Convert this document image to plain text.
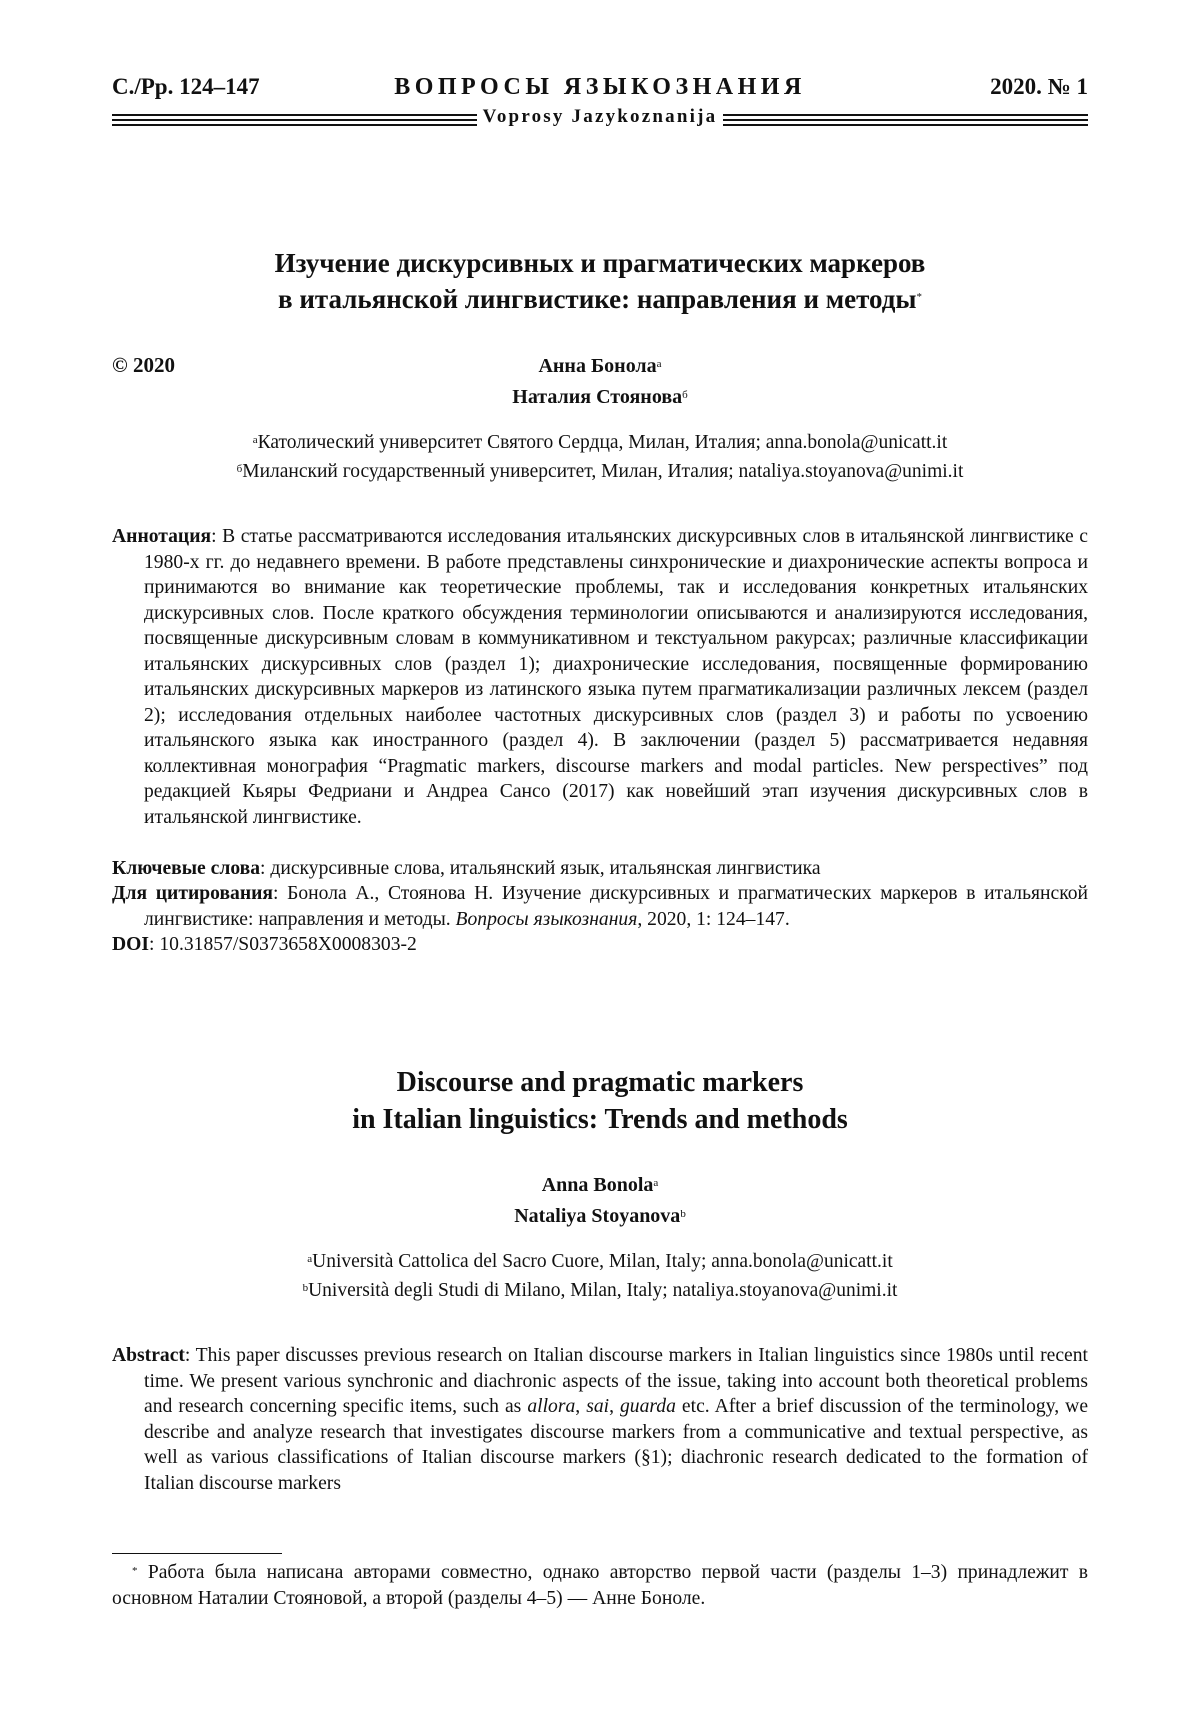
С./Pp. 124–147	ВОПРОСЫ ЯЗЫКОЗНАНИЯ	2020. № 1
Voprosy Jazykoznanija
Изучение дискурсивных и прагматических маркеров
в итальянской лингвистике: направления и методы*
© 2020	Анна Бонола$^а$
Наталия Стоянова$^б$
$^а$Католический университет Святого Сердца, Милан, Италия; anna.bonola@unicatt.it
$^б$Миланский государственный университет, Милан, Италия; nataliya.stoyanova@unimi.it
Аннотация: В статье рассматриваются исследования итальянских дискурсивных слов в итальянской лингвистике с 1980-х гг. до недавнего времени. В работе представлены синхронические и диахронические аспекты вопроса и принимаются во внимание как теоретические проблемы, так и исследования конкретных итальянских дискурсивных слов. После краткого обсуждения терминологии описываются и анализируются исследования, посвященные дискурсивным словам в коммуникативном и текстуальном ракурсах; различные классификации итальянских дискурсивных слов (раздел 1); диахронические исследования, посвященные формированию итальянских дискурсивных маркеров из латинского языка путем прагматикализации различных лексем (раздел 2); исследования отдельных наиболее частотных дискурсивных слов (раздел 3) и работы по усвоению итальянского языка как иностранного (раздел 4). В заключении (раздел 5) рассматривается недавняя коллективная монография “Pragmatic markers, discourse markers and modal particles. New perspectives” под редакцией Кьяры Федриани и Андреа Сансо (2017) как новейший этап изучения дискурсивных слов в итальянской лингвистике.
Ключевые слова: дискурсивные слова, итальянский язык, итальянская лингвистика
Для цитирования: Бонола А., Стоянова Н. Изучение дискурсивных и прагматических маркеров в итальянской лингвистике: направления и методы. Вопросы языкознания, 2020, 1: 124–147.
DOI: 10.31857/S0373658X0008303-2
Discourse and pragmatic markers
in Italian linguistics: Trends and methods
Anna Bonola$^a$
Nataliya Stoyanova$^b$
$^a$Università Cattolica del Sacro Cuore, Milan, Italy; anna.bonola@unicatt.it
$^b$Università degli Studi di Milano, Milan, Italy; nataliya.stoyanova@unimi.it
Abstract: This paper discusses previous research on Italian discourse markers in Italian linguistics since 1980s until recent time. We present various synchronic and diachronic aspects of the issue, taking into account both theoretical problems and research concerning specific items, such as allora, sai, guarda etc. After a brief discussion of the terminology, we describe and analyze research that investigates discourse markers from a communicative and textual perspective, as well as various classifications of Italian discourse markers (§1); diachronic research dedicated to the formation of Italian discourse markers
* Работа была написана авторами совместно, однако авторство первой части (разделы 1–3) принадлежит в основном Наталии Стояновой, а второй (разделы 4–5) — Анне Боноле.
